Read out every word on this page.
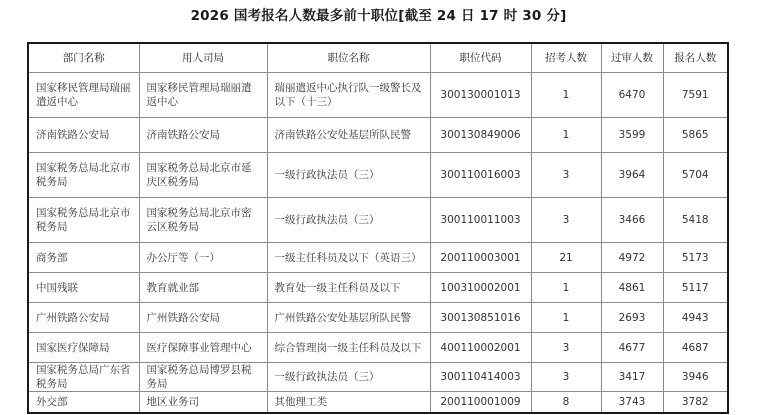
2026 国考报名人数最多前十职位[截至 24 日 17 时 30 分]
部门名称	用人司局	职位名称	职位代码	招考人数	过审人数	报名人数
国家移民管理局瑞丽遣返中心	国家移民管理局瑞丽遣返中心	瑞丽遣返中心执行队一级警长及以下（十三）	300130001013	1	6470	7591
济南铁路公安局	济南铁路公安局	济南铁路公安处基层所队民警	300130849006	1	3599	5865
国家税务总局北京市税务局	国家税务总局北京市延庆区税务局	一级行政执法员（三）	300110016003	3	3964	5704
国家税务总局北京市税务局	国家税务总局北京市密云区税务局	一级行政执法员（三）	300110011003	3	3466	5418
商务部	办公厅等（一）	一级主任科员及以下（英语三）	200110003001	21	4972	5173
中国残联	教育就业部	教育处一级主任科员及以下	100310002001	1	4861	5117
广州铁路公安局	广州铁路公安局	广州铁路公安处基层所队民警	300130851016	1	2693	4943
国家医疗保障局	医疗保障事业管理中心	综合管理岗一级主任科员及以下	400110002001	3	4677	4687
国家税务总局广东省税务局	国家税务总局博罗县税务局	一级行政执法员（三）	300110414003	3	3417	3946
外交部	地区业务司	其他理工类	200110001009	8	3743	3782
